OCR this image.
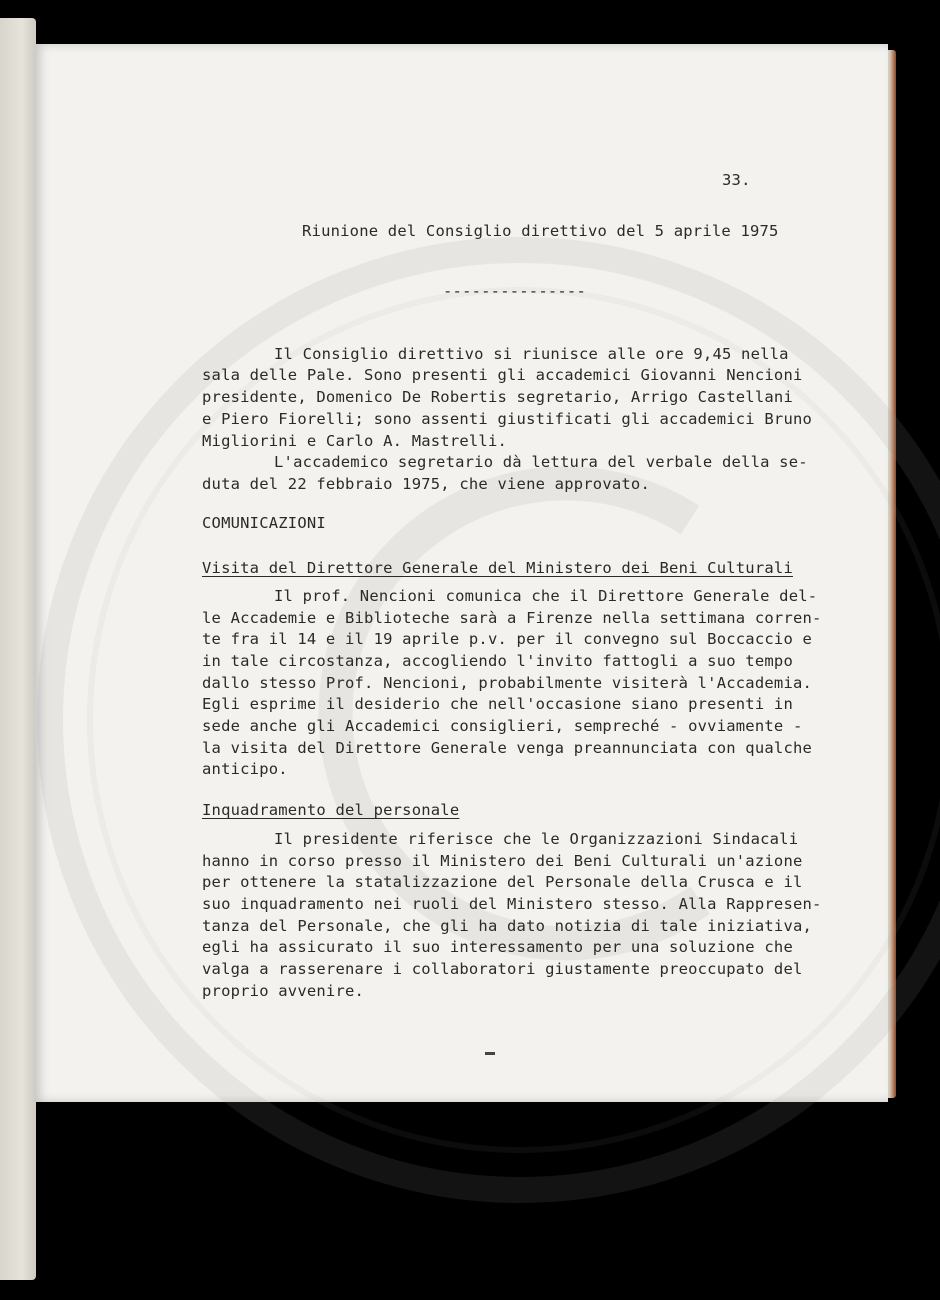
33.
Riunione del Consiglio direttivo del 5 aprile 1975
---------------
Il Consiglio direttivo si riunisce alle ore 9,45 nella
sala delle Pale. Sono presenti gli accademici Giovanni Nencioni
presidente, Domenico De Robertis segretario, Arrigo Castellani
e Piero Fiorelli; sono assenti giustificati gli accademici Bruno
Migliorini e Carlo A. Mastrelli.
L'accademico segretario dà lettura del verbale della se-
duta del 22 febbraio 1975, che viene approvato.
COMUNICAZIONI
Visita del Direttore Generale del Ministero dei Beni Culturali
Il prof. Nencioni comunica che il Direttore Generale del-
le Accademie e Biblioteche sarà a Firenze nella settimana corren-
te fra il 14 e il 19 aprile p.v. per il convegno sul Boccaccio e
in tale circostanza, accogliendo l'invito fattogli a suo tempo
dallo stesso Prof. Nencioni, probabilmente visiterà l'Accademia.
Egli esprime il desiderio che nell'occasione siano presenti in
sede anche gli Accademici consiglieri, sempreché - ovviamente -
la visita del Direttore Generale venga preannunciata con qualche
anticipo.
Inquadramento del personale
Il presidente riferisce che le Organizzazioni Sindacali
hanno in corso presso il Ministero dei Beni Culturali un'azione
per ottenere la statalizzazione del Personale della Crusca e il
suo inquadramento nei ruoli del Ministero stesso. Alla Rappresen-
tanza del Personale, che gli ha dato notizia di tale iniziativa,
egli ha assicurato il suo interessamento per una soluzione che
valga a rasserenare i collaboratori giustamente preoccupato del
proprio avvenire.
